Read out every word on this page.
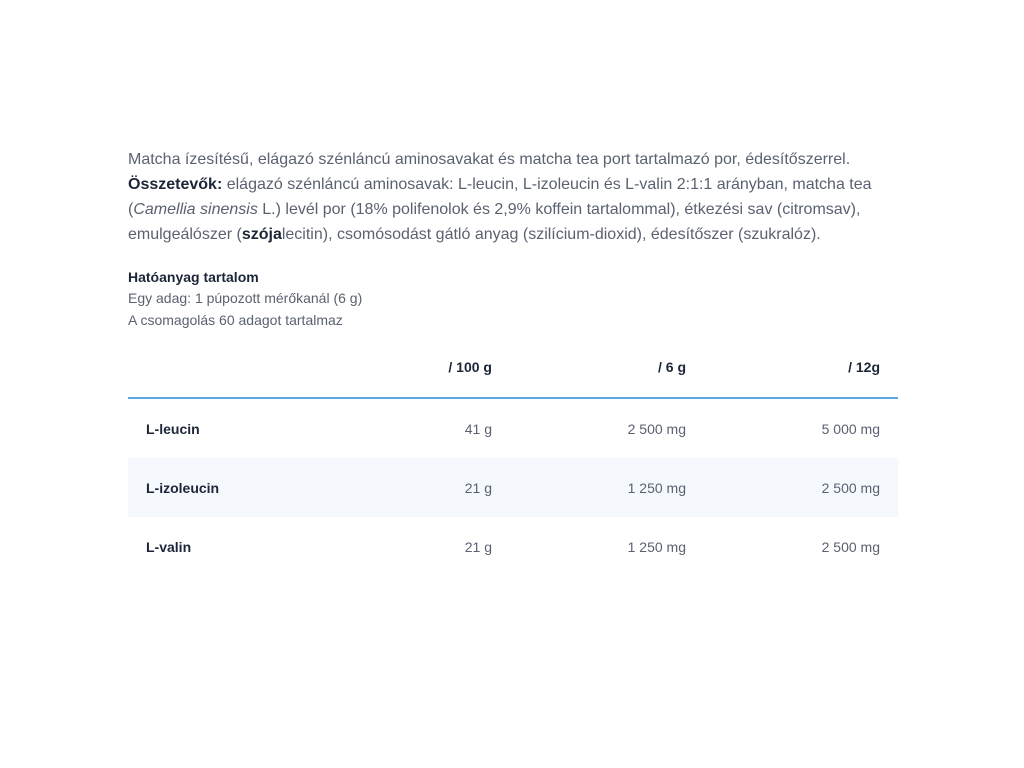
Matcha ízesítésű, elágazó szénláncú aminosavakat és matcha tea port tartalmazó por, édesítőszerrel.
Összetevők: elágazó szénláncú aminosavak: L-leucin, L-izoleucin és L-valin 2:1:1 arányban, matcha tea (Camellia sinensis L.) levél por (18% polifenolok és 2,9% koffein tartalommal), étkezési sav (citromsav), emulgeálószer (szójalecitin), csomósodást gátló anyag (szilícium-dioxid), édesítőszer (szukralóz).

Hatóanyag tartalom

Egy adag: 1 púpozott mérőkanál (6 g)

A csomagolás 60 adagot tartalmaz

	/ 100 g	/ 6 g	/ 12g
L-leucin	41 g	2 500 mg	5 000 mg
L-izoleucin	21 g	1 250 mg	2 500 mg
L-valin	21 g	1 250 mg	2 500 mg
